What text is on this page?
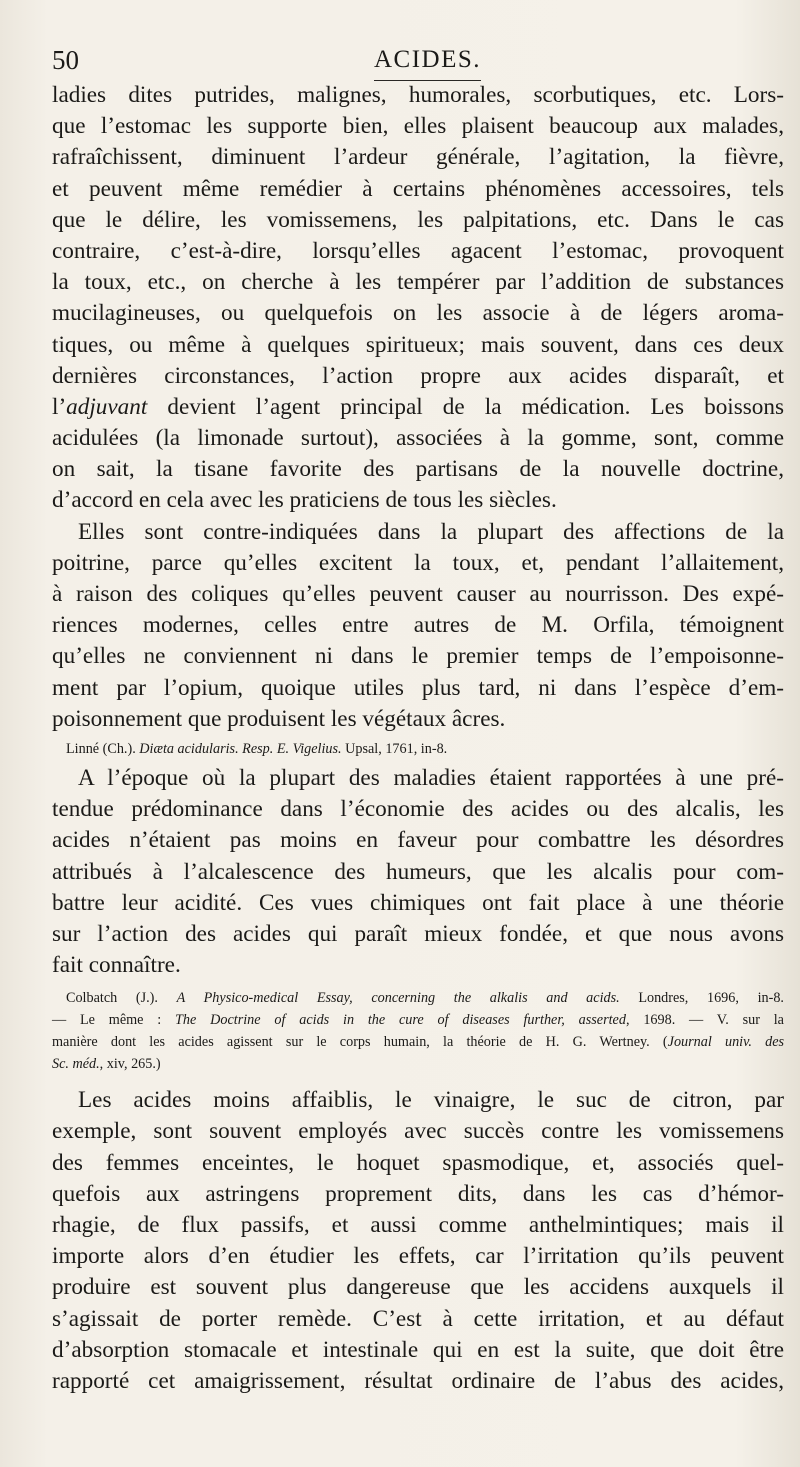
50	ACIDES.
ladies dites putrides, malignes, humorales, scorbutiques, etc. Lors-
que l’estomac les supporte bien, elles plaisent beaucoup aux malades,
rafraîchissent, diminuent l’ardeur générale, l’agitation, la fièvre,
et peuvent même remédier à certains phénomènes accessoires, tels
que le délire, les vomissemens, les palpitations, etc. Dans le cas
contraire, c’est-à-dire, lorsqu’elles agacent l’estomac, provoquent
la toux, etc., on cherche à les tempérer par l’addition de substances
mucilagineuses, ou quelquefois on les associe à de légers aroma-
tiques, ou même à quelques spiritueux; mais souvent, dans ces deux
dernières circonstances, l’action propre aux acides disparaît, et
l’adjuvant devient l’agent principal de la médication. Les boissons
acidulées (la limonade surtout), associées à la gomme, sont, comme
on sait, la tisane favorite des partisans de la nouvelle doctrine,
d’accord en cela avec les praticiens de tous les siècles.
Elles sont contre-indiquées dans la plupart des affections de la
poitrine, parce qu’elles excitent la toux, et, pendant l’allaitement,
à raison des coliques qu’elles peuvent causer au nourrisson. Des expé-
riences modernes, celles entre autres de M. Orfila, témoignent
qu’elles ne conviennent ni dans le premier temps de l’empoisonne-
ment par l’opium, quoique utiles plus tard, ni dans l’espèce d’em-
poisonnement que produisent les végétaux âcres.
Linné (Ch.). Diæta acidularis. Resp. E. Vigelius. Upsal, 1761, in-8.
A l’époque où la plupart des maladies étaient rapportées à une pré-
tendue prédominance dans l’économie des acides ou des alcalis, les
acides n’étaient pas moins en faveur pour combattre les désordres
attribués à l’alcalescence des humeurs, que les alcalis pour com-
battre leur acidité. Ces vues chimiques ont fait place à une théorie
sur l’action des acides qui paraît mieux fondée, et que nous avons
fait connaître.
Colbatch (J.). A Physico-medical Essay, concerning the alkalis and acids. Londres, 1696, in-8.
— Le même : The Doctrine of acids in the cure of diseases further, asserted, 1698. — V. sur la
manière dont les acides agissent sur le corps humain, la théorie de H. G. Wertney. (Journal univ. des
Sc. méd., xiv, 265.)
Les acides moins affaiblis, le vinaigre, le suc de citron, par
exemple, sont souvent employés avec succès contre les vomissemens
des femmes enceintes, le hoquet spasmodique, et, associés quel-
quefois aux astringens proprement dits, dans les cas d’hémor-
rhagie, de flux passifs, et aussi comme anthelmintiques; mais il
importe alors d’en étudier les effets, car l’irritation qu’ils peuvent
produire est souvent plus dangereuse que les accidens auxquels il
s’agissait de porter remède. C’est à cette irritation, et au défaut
d’absorption stomacale et intestinale qui en est la suite, que doit être
rapporté cet amaigrissement, résultat ordinaire de l’abus des acides,
